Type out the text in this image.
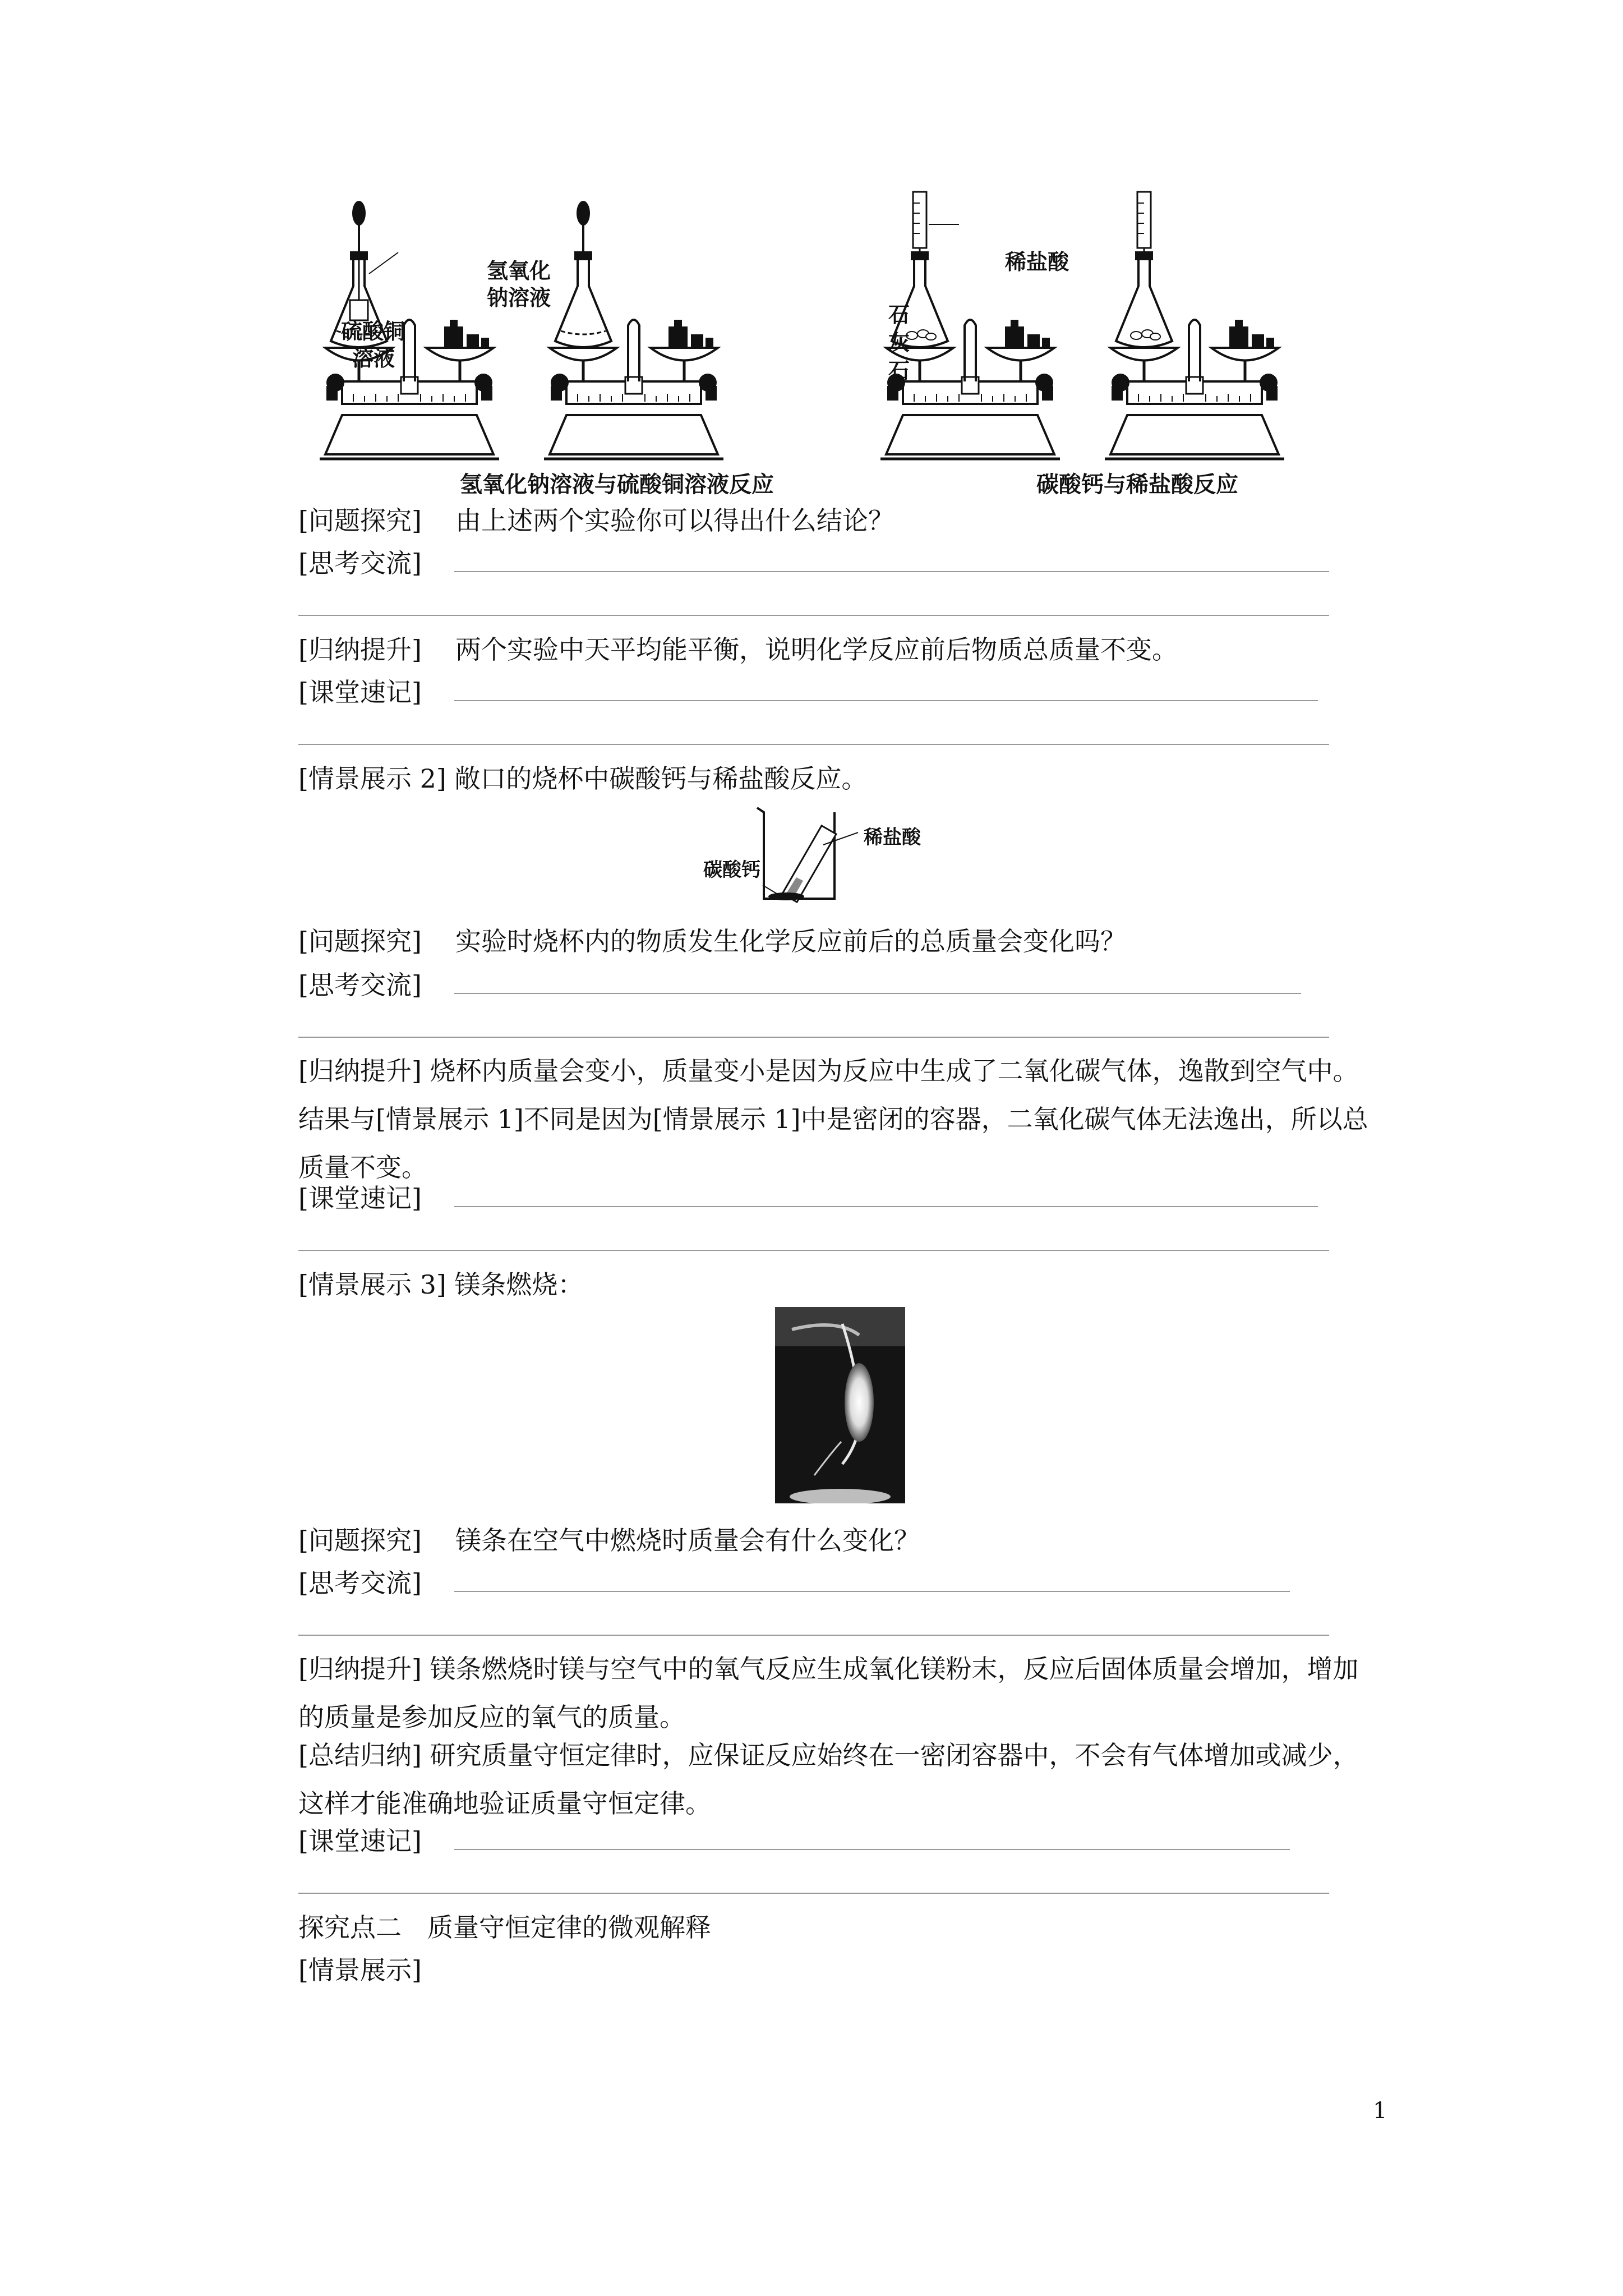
氢氧化
钠溶液
硫酸铜
溶液
稀盐酸
石
灰
石
氢氧化钠溶液与硫酸铜溶液反应	碳酸钙与稀盐酸反应
[问题探究] 由上述两个实验你可以得出什么结论？
[思考交流]
[归纳提升] 两个实验中天平均能平衡，说明化学反应前后物质总质量不变。
[课堂速记]
[情景展示 2] 敞口的烧杯中碳酸钙与稀盐酸反应。
碳酸钙
稀盐酸
[问题探究] 实验时烧杯内的物质发生化学反应前后的总质量会变化吗？
[思考交流]
[归纳提升] 烧杯内质量会变小，质量变小是因为反应中生成了二氧化碳气体，逸散到空气中。结果与[情景展示 1]不同是因为[情景展示 1]中是密闭的容器，二氧化碳气体无法逸出，所以总质量不变。
[课堂速记]
[情景展示 3] 镁条燃烧：
[问题探究] 镁条在空气中燃烧时质量会有什么变化？
[思考交流]
[归纳提升] 镁条燃烧时镁与空气中的氧气反应生成氧化镁粉末，反应后固体质量会增加，增加的质量是参加反应的氧气的质量。
[总结归纳] 研究质量守恒定律时，应保证反应始终在一密闭容器中，不会有气体增加或减少，这样才能准确地验证质量守恒定律。
[课堂速记]
探究点二　质量守恒定律的微观解释
[情景展示]
1
